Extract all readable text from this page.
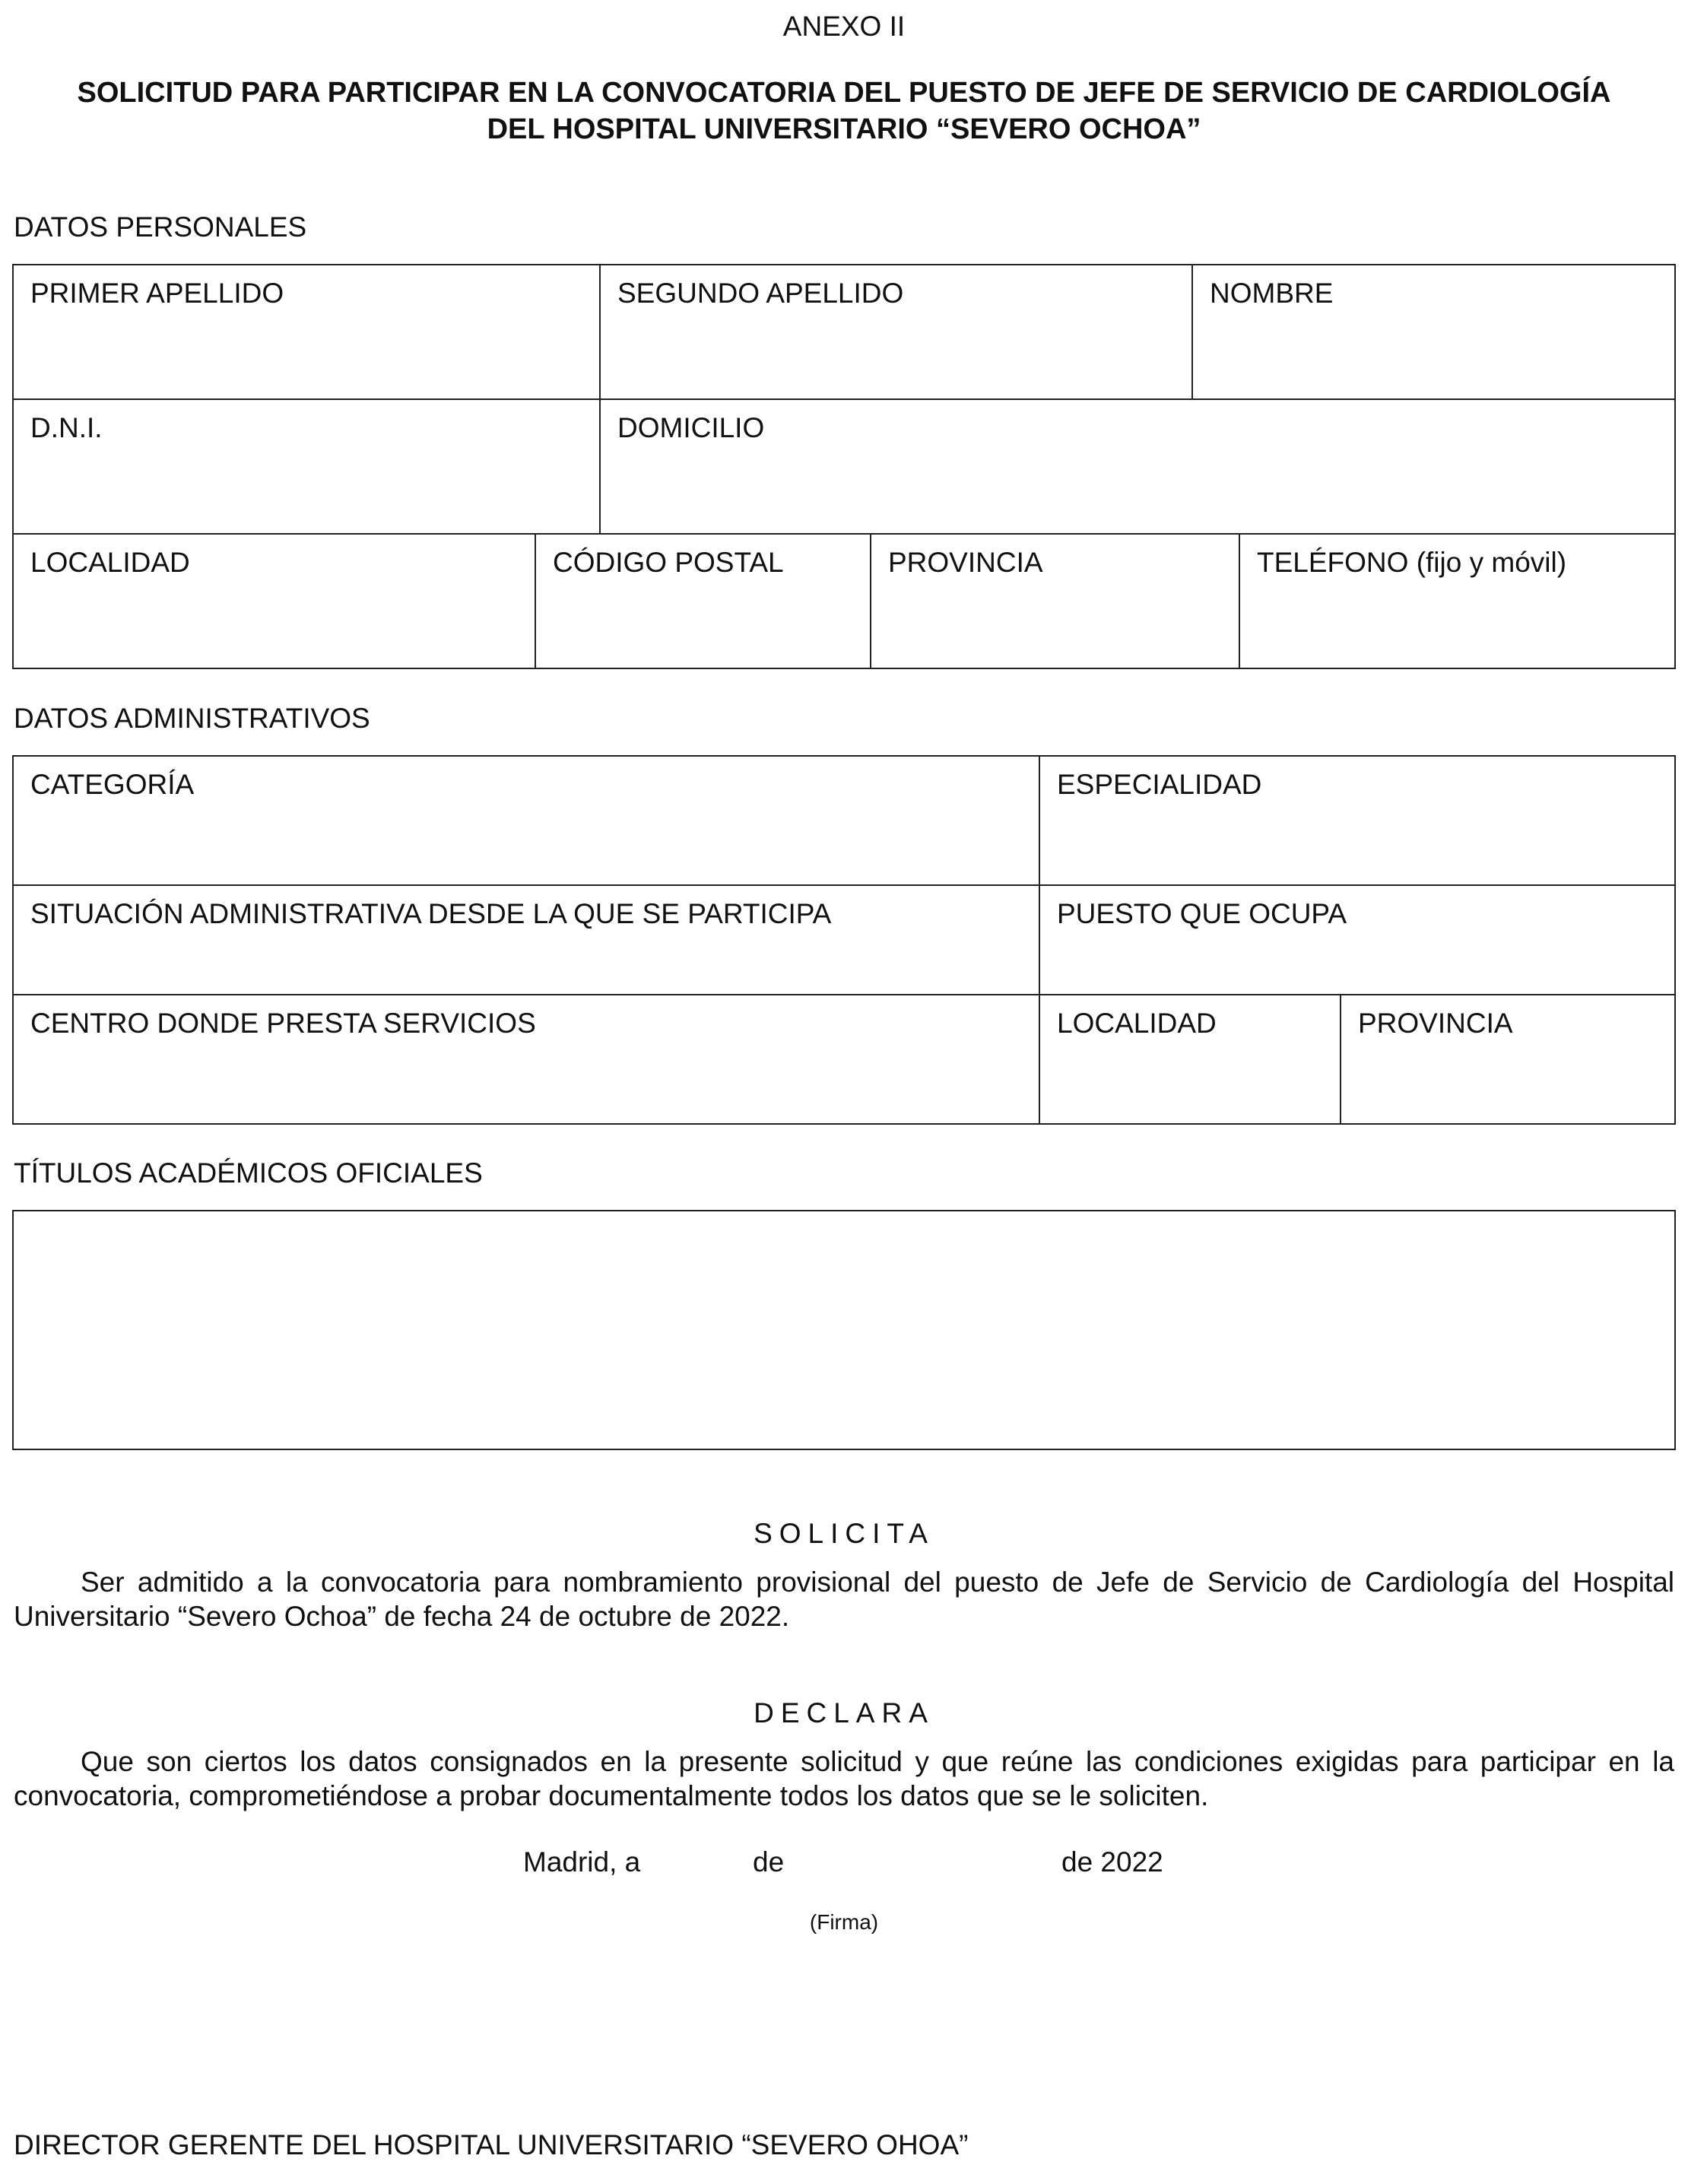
ANEXO II
SOLICITUD PARA PARTICIPAR EN LA CONVOCATORIA DEL PUESTO DE JEFE DE SERVICIO DE CARDIOLOGÍA
DEL HOSPITAL UNIVERSITARIO “SEVERO OCHOA”
DATOS PERSONALES
PRIMER APELLIDO	SEGUNDO APELLIDO	NOMBRE
D.N.I.	DOMICILIO
LOCALIDAD	CÓDIGO POSTAL	PROVINCIA	TELÉFONO (fijo y móvil)
DATOS ADMINISTRATIVOS
CATEGORÍA	ESPECIALIDAD
SITUACIÓN ADMINISTRATIVA DESDE LA QUE SE PARTICIPA	PUESTO QUE OCUPA
CENTRO DONDE PRESTA SERVICIOS	LOCALIDAD	PROVINCIA
TÍTULOS ACADÉMICOS OFICIALES
SOLICITA
Ser admitido a la convocatoria para nombramiento provisional del puesto de Jefe de Servicio de Cardiología del Hospital Universitario “Severo Ochoa” de fecha 24 de octubre de 2022.
DECLARA
Que son ciertos los datos consignados en la presente solicitud y que reúne las condiciones exigidas para participar en la convocatoria, comprometiéndose a probar documentalmente todos los datos que se le soliciten.
Madrid, a	de	de 2022
(Firma)
DIRECTOR GERENTE DEL HOSPITAL UNIVERSITARIO “SEVERO OHOA”
